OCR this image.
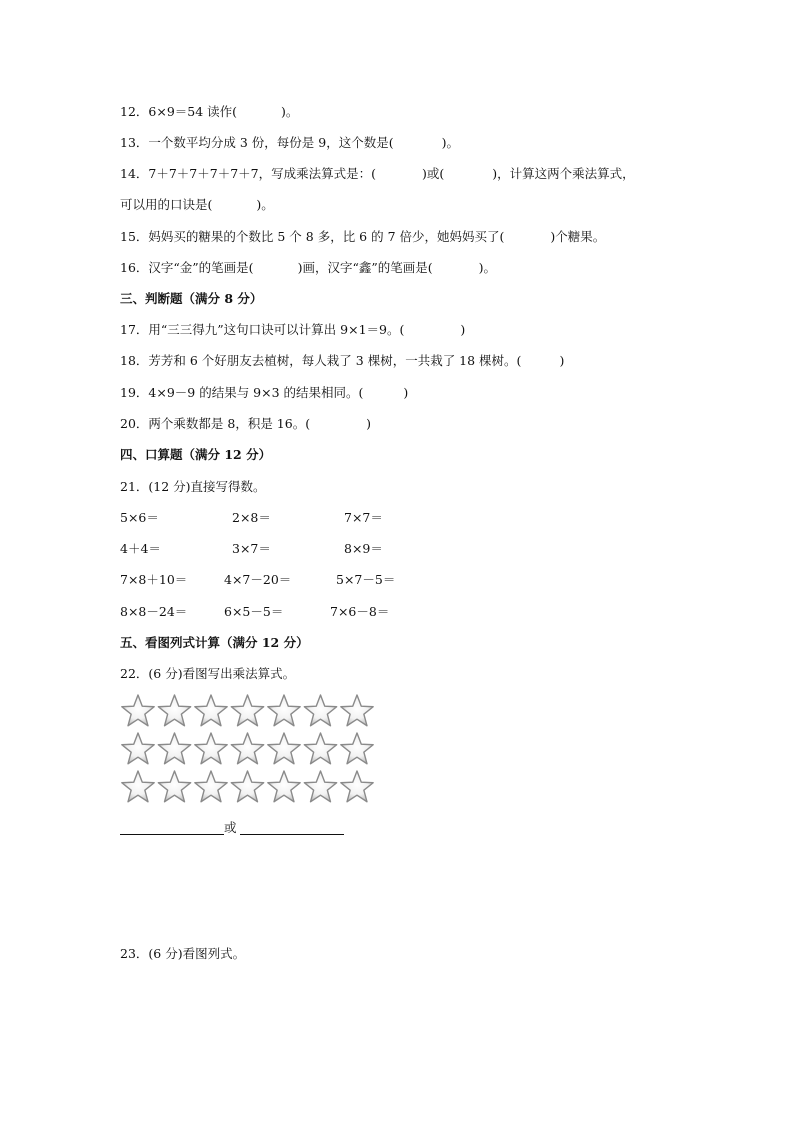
12．6×9＝54 读作(	)。
13．一个数平均分成 3 份，每份是 9，这个数是(	)。
14．7＋7＋7＋7＋7＋7，写成乘法算式是：(	)或(	)，计算这两个乘法算式，
可以用的口诀是(	)。
15．妈妈买的糖果的个数比 5 个 8 多，比 6 的 7 倍少，她妈妈买了(	)个糖果。
16．汉字“金”的笔画是(	)画，汉字“鑫”的笔画是(	)。
三、判断题（满分 8 分）
17．用“三三得九”这句口诀可以计算出 9×1＝9。(	)
18．芳芳和 6 个好朋友去植树，每人栽了 3 棵树，一共栽了 18 棵树。(	)
19．4×9－9 的结果与 9×3 的结果相同。(	)
20．两个乘数都是 8，积是 16。(	)
四、口算题（满分 12 分）
21．(12 分)直接写得数。
5×6＝	2×8＝	7×7＝
4＋4＝	3×7＝	8×9＝
7×8＋10＝	4×7－20＝	5×7－5＝
8×8－24＝	6×5－5＝	7×6－8＝
五、看图列式计算（满分 12 分）
22．(6 分)看图写出乘法算式。
或
23．(6 分)看图列式。
